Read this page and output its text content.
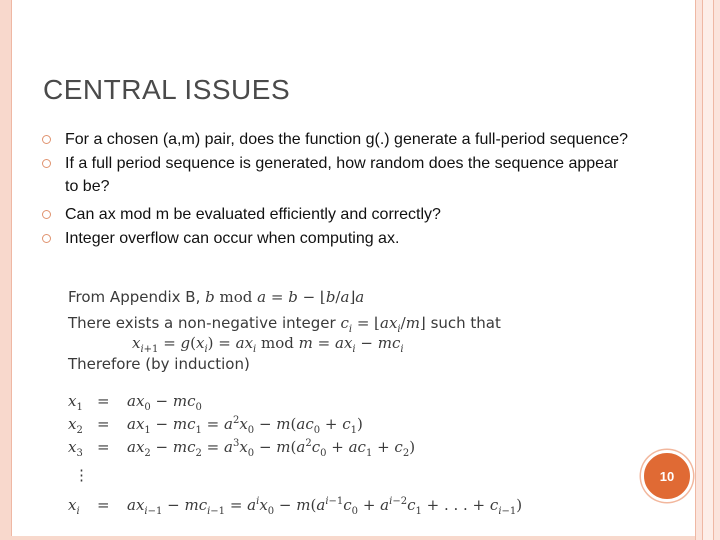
CENTRAL ISSUES
For a chosen (a,m) pair, does the function g(.) generate a full-period sequence?
If a full period sequence is generated, how random does the sequence appear to be?
Can ax mod m be evaluated efficiently and correctly?
Integer overflow can occur when computing ax.
From Appendix B, b mod a = b − ⌊b/a⌋a
There exists a non-negative integer $c_i$ = $⌊ax_i/m⌋$ such that
$x_{i+1} = g(x_i) = ax_i$ mod $m = ax_i - mc_i$
Therefore (by induction)
$x_1 = ax_0 - mc_0$
$x_2 = ax_1 - mc_1 = a^2x_0 - m(ac_0 + c_1)$
$x_3 = ax_2 - mc_2 = a^3x_0 - m(a^2c_0 + ac_1 + c_2)$
⋮
$x_i = ax_{i-1} - mc_{i-1} = a^ix_0 - m(a^{i-1}c_0 + a^{i-2}c_1$ + . . . + $c_{i-1}$)
10
